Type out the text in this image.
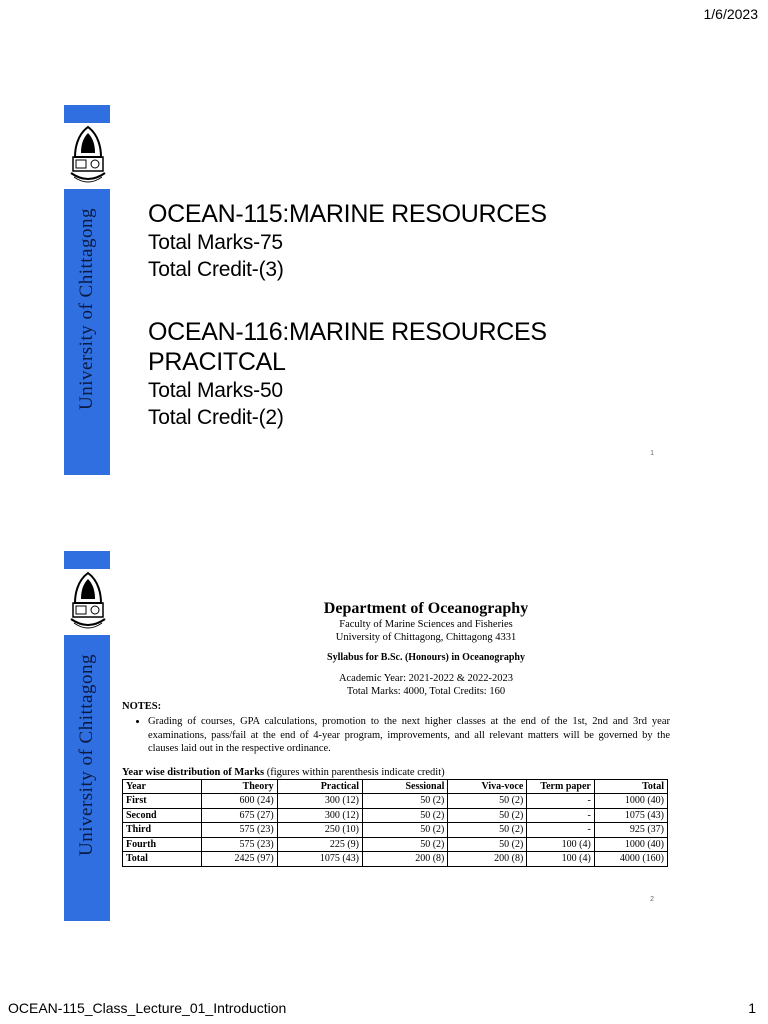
1/6/2023
University of Chittagong OCEAN-115:MARINE RESOURCES
Total Marks-75
Total Credit-(3)
OCEAN-116:MARINE RESOURCES PRACITCAL
Total Marks-50
Total Credit-(2)
1
University of Chittagong
Department of Oceanography
Faculty of Marine Sciences and Fisheries
University of Chittagong, Chittagong 4331
Syllabus for B.Sc. (Honours) in Oceanography
Academic Year: 2021-2022 & 2022-2023
Total Marks: 4000, Total Credits: 160
NOTES:
• Grading of courses, GPA calculations, promotion to the next higher classes at the end of the 1st, 2nd and 3rd year examinations, pass/fail at the end of 4-year program, improvements, and all relevant matters will be governed by the clauses laid out in the respective ordinance.
Year wise distribution of Marks (figures within parenthesis indicate credit)
Year	Theory	Practical	Sessional	Viva-voce	Term paper	Total
First	600 (24)	300 (12)	50 (2)	50 (2)	-	1000 (40)
Second	675 (27)	300 (12)	50 (2)	50 (2)	-	1075 (43)
Third	575 (23)	250 (10)	50 (2)	50 (2)	-	925 (37)
Fourth	575 (23)	225 (9)	50 (2)	50 (2)	100 (4)	1000 (40)
Total	2425 (97)	1075 (43)	200 (8)	200 (8)	100 (4)	4000 (160)
2
OCEAN-115_Class_Lecture_01_Introduction	1
